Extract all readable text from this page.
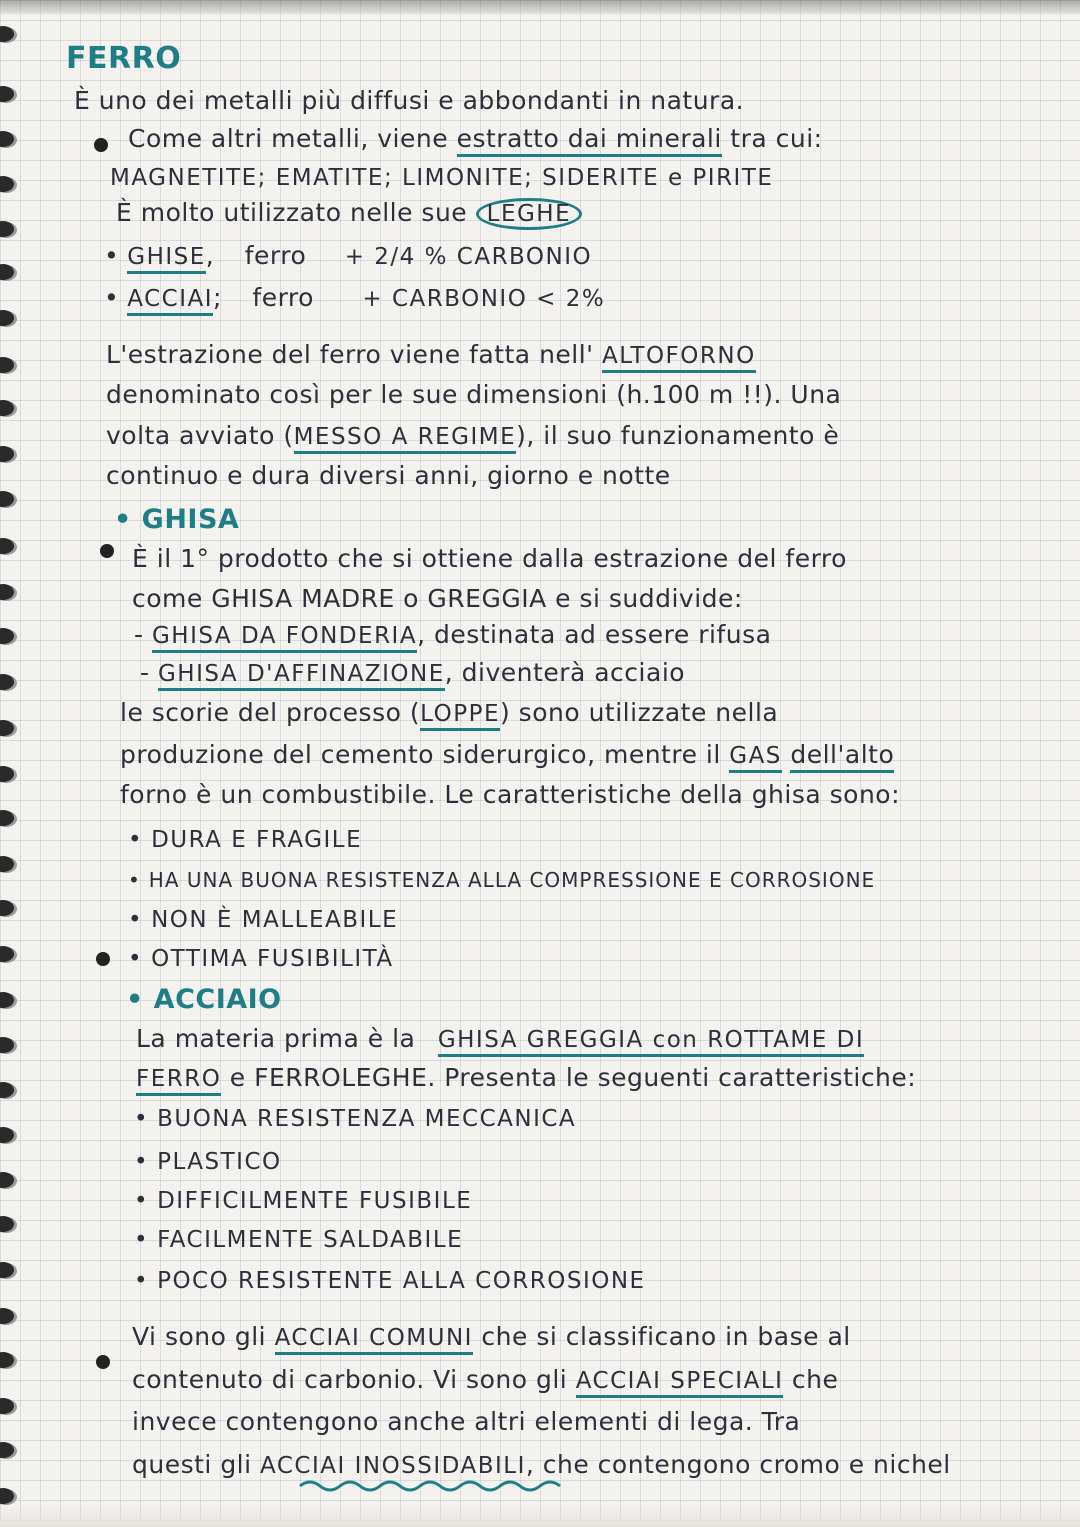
FERRO
È uno dei metalli più diffusi e abbondanti in natura.
Come altri metalli, viene estratto dai minerali tra cui:
MAGNETITE; EMATITE; LIMONITE; SIDERITE e PIRITE
È molto utilizzato nelle sue LEGHE
• GHISE, ferro + 2/4 % CARBONIO
• ACCIAI; ferro + CARBONIO < 2%
L'estrazione del ferro viene fatta nell' ALTOFORNO
denominato così per le sue dimensioni (h.100 m !!). Una
volta avviato (MESSO A REGIME), il suo funzionamento è
continuo e dura diversi anni, giorno e notte
• GHISA
È il 1° prodotto che si ottiene dalla estrazione del ferro
come GHISA MADRE o GREGGIA e si suddivide:
- GHISA DA FONDERIA, destinata ad essere rifusa
- GHISA D'AFFINAZIONE, diventerà acciaio
le scorie del processo (LOPPE) sono utilizzate nella
produzione del cemento siderurgico, mentre il GAS dell'alto
forno è un combustibile. Le caratteristiche della ghisa sono:
• DURA E FRAGILE
• HA UNA BUONA RESISTENZA ALLA COMPRESSIONE E CORROSIONE
• NON È MALLEABILE
• OTTIMA FUSIBILITÀ
• ACCIAIO
La materia prima è la GHISA GREGGIA con ROTTAME DI
FERRO e FERROLEGHE. Presenta le seguenti caratteristiche:
• BUONA RESISTENZA MECCANICA
• PLASTICO
• DIFFICILMENTE FUSIBILE
• FACILMENTE SALDABILE
• POCO RESISTENTE ALLA CORROSIONE
Vi sono gli ACCIAI COMUNI che si classificano in base al
contenuto di carbonio. Vi sono gli ACCIAI SPECIALI che
invece contengono anche altri elementi di lega. Tra
questi gli ACCIAI INOSSIDABILI, che contengono cromo e nichel
